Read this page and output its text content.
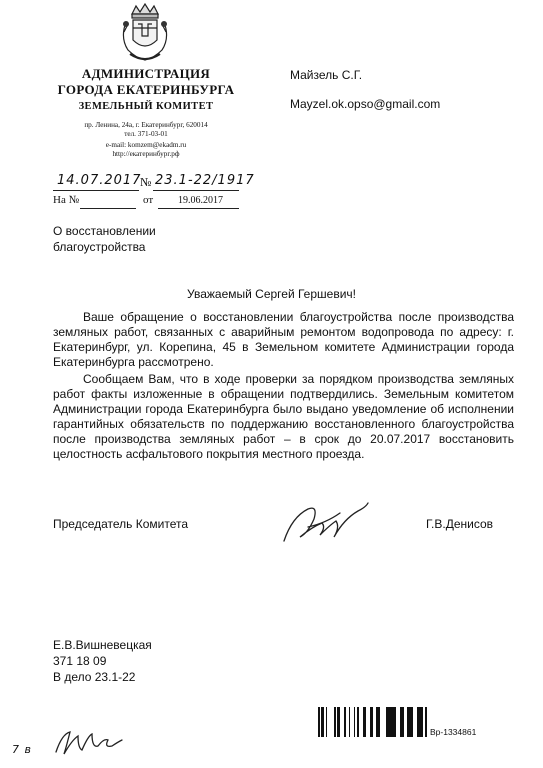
АДМИНИСТРАЦИЯ
ГОРОДА ЕКАТЕРИНБУРГА
ЗЕМЕЛЬНЫЙ КОМИТЕТ
пр. Ленина, 24а, г. Екатеринбург, 620014
тел. 371-03-01
e-mail: komzem@ekadm.ru
http://екатеринбург.рф
Майзель С.Г.
Mayzel.ok.opso@gmail.com
14.07.2017
№ 23.1-22/1917
На №	от 19.06.2017
О восстановлении
благоустройства
Уважаемый Сергей Гершевич!
Ваше обращение о восстановлении благоустройства после производства земляных работ, связанных с аварийным ремонтом водопровода по адресу: г. Екатеринбург, ул. Корепина, 45 в Земельном комитете Администрации города Екатеринбурга рассмотрено.
Сообщаем Вам, что в ходе проверки за порядком производства земляных работ факты изложенные в обращении подтвердились. Земельным комитетом Администрации города Екатеринбурга было выдано уведомление об исполнении гарантийных обязательств по поддержанию восстановленного благоустройства после производства земляных работ – в срок до 20.07.2017 восстановить целостность асфальтового покрытия местного проезда.
Председатель Комитета	Г.В.Денисов
Е.В.Вишневецкая
371 18 09
В дело 23.1-22
7 в
Вр-1334861
